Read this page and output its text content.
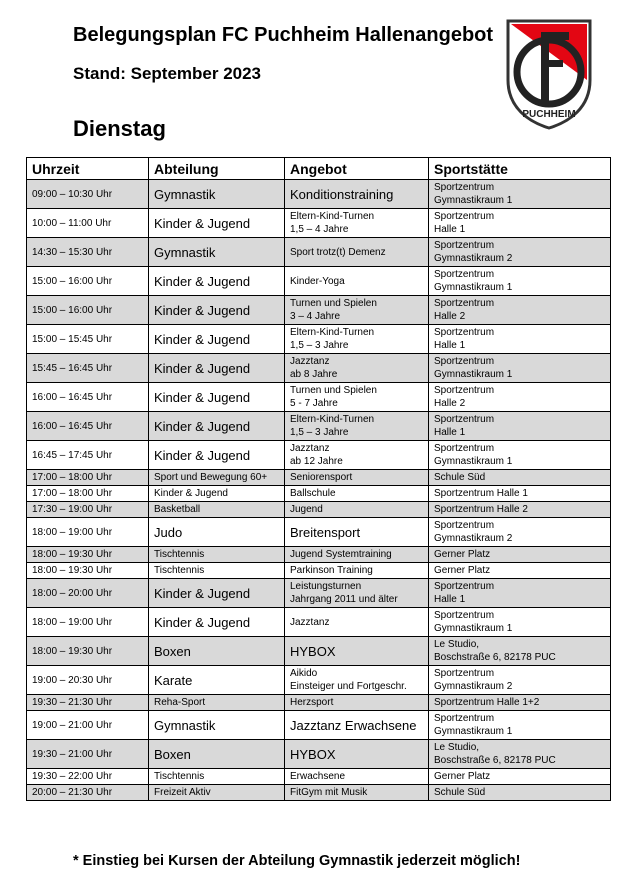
Belegungsplan FC Puchheim Hallenangebot
Stand: September 2023
Dienstag
PUCHHEIM
Uhrzeit	Abteilung	Angebot	Sportstätte
09:00 – 10:30 Uhr	Gymnastik	Konditionstraining	Sportzentrum
Gymnastikraum 1

10:00 – 11:00 Uhr	Kinder & Jugend	Eltern-Kind-Turnen
1,5 – 4 Jahre	Sportzentrum
Halle 1

14:30 – 15:30 Uhr	Gymnastik	Sport trotz(t) Demenz	Sportzentrum
Gymnastikraum 2

15:00 – 16:00 Uhr	Kinder & Jugend	Kinder-Yoga	Sportzentrum
Gymnastikraum 1

15:00 – 16:00 Uhr	Kinder & Jugend	Turnen und Spielen
3 – 4 Jahre	Sportzentrum
Halle 2

15:00 – 15:45 Uhr	Kinder & Jugend	Eltern-Kind-Turnen
1,5 – 3 Jahre	Sportzentrum
Halle 1

15:45 – 16:45 Uhr	Kinder & Jugend	Jazztanz
ab 8 Jahre	Sportzentrum
Gymnastikraum 1

16:00 – 16:45 Uhr	Kinder & Jugend	Turnen und Spielen
5 - 7 Jahre	Sportzentrum
Halle 2

16:00 – 16:45 Uhr	Kinder & Jugend	Eltern-Kind-Turnen
1,5 – 3 Jahre	Sportzentrum
Halle 1

16:45 – 17:45 Uhr	Kinder & Jugend	Jazztanz
ab 12 Jahre	Sportzentrum
Gymnastikraum 1

17:00 – 18:00 Uhr	Sport und Bewegung 60+	Seniorensport	Schule Süd

17:00 – 18:00 Uhr	Kinder & Jugend	Ballschule	Sportzentrum Halle 1

17:30 – 19:00 Uhr	Basketball	Jugend	Sportzentrum Halle 2

18:00 – 19:00 Uhr	Judo	Breitensport	Sportzentrum
Gymnastikraum 2

18:00 – 19:30 Uhr	Tischtennis	Jugend Systemtraining	Gerner Platz

18:00 – 19:30 Uhr	Tischtennis	Parkinson Training	Gerner Platz

18:00 – 20:00 Uhr	Kinder & Jugend	Leistungsturnen
Jahrgang 2011 und älter	Sportzentrum
Halle 1

18:00 – 19:00 Uhr	Kinder & Jugend	Jazztanz	Sportzentrum
Gymnastikraum 1

18:00 – 19:30 Uhr	Boxen	HYBOX	Le Studio,
Boschstraße 6, 82178 PUC

19:00 – 20:30 Uhr	Karate	Aikido
Einsteiger und Fortgeschr.	Sportzentrum
Gymnastikraum 2

19:30 – 21:30 Uhr	Reha-Sport	Herzsport	Sportzentrum Halle 1+2

19:00 – 21:00 Uhr	Gymnastik	Jazztanz Erwachsene	Sportzentrum
Gymnastikraum 1

19:30 – 21:00 Uhr	Boxen	HYBOX	Le Studio,
Boschstraße 6, 82178 PUC

19:30 – 22:00 Uhr	Tischtennis	Erwachsene	Gerner Platz

20:00 – 21:30 Uhr	Freizeit Aktiv	FitGym mit Musik	Schule Süd
* Einstieg bei Kursen der Abteilung Gymnastik jederzeit möglich!
